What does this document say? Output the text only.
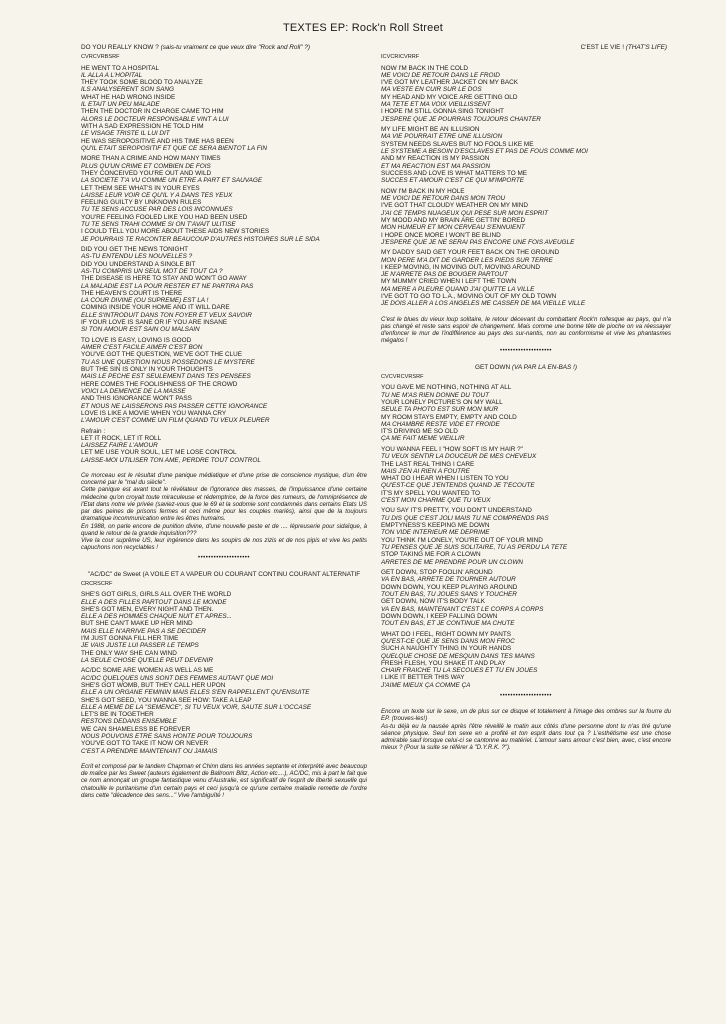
TEXTES EP: Rock'n Roll Street
DO YOU REALLY KNOW ? (sais-tu vraiment ce que veux dire "Rock and Roll" ?)
CVRCVRBSRF
HE WENT TO A HOSPITAL
IL ALLA A L'HOPITAL
THEY TOOK SOME BLOOD TO ANALYZE
ILS ANALYSERENT SON SANG
WHAT HE HAD WRONG INSIDE
IL ETAIT UN PEU MALADE
THEN THE DOCTOR IN CHARGE CAME TO HIM
ALORS LE DOCTEUR RESPONSABLE VINT A LUI
WITH A SAD EXPRESSION HE TOLD HIM
LE VISAGE TRISTE IL LUI DIT
HE WAS SEROPOSITIVE AND HIS TIME HAS BEEN
QU'IL ETAIT SEROPOSITIF ET QUE CE SERA BIENTOT LA FIN
MORE THAN A CRIME AND HOW MANY TIMES
PLUS QU'UN CRIME ET COMBIEN DE FOIS
THEY CONCEIVED YOU'RE OUT AND WILD
LA SOCIETE T'A VU COMME UN ETRE A PART ET SAUVAGE
LET THEM SEE WHAT'S IN YOUR EYES
LAISSE LEUR VOIR CE QU'IL Y A DANS TES YEUX
FEELING GUILTY BY UNKNOWN RULES
TU TE SENS ACCUSE PAR DES LOIS INCONNUES
YOU'RE FEELING FOOLED LIKE YOU HAD BEEN USED
TU TE SENS TRAHI COMME SI ON T'AVAIT ULITISE
I COULD TELL YOU MORE ABOUT THESE AIDS NEW STORIES
JE POURRAIS TE RACONTER BEAUCOUP D'AUTRES HISTOIRES SUR LE SIDA
DID YOU GET THE NEWS TONIGHT
AS-TU ENTENDU LES NOUVELLES ?
DID YOU UNDERSTAND A SINGLE BIT
AS-TU COMPRIS UN SEUL MOT DE TOUT CA ?
THE DISEASE IS HERE TO STAY AND WON'T GO AWAY
LA MALADIE EST LA POUR RESTER ET NE PARTIRA PAS
THE HEAVEN'S COURT IS THERE
LA COUR DIVINE (OU SUPREME) EST LA !
COMING INSIDE YOUR HOME AND IT WILL DARE
ELLE S'INTRODUIT DANS TON FOYER ET VEUX SAVOIR
IF YOUR LOVE IS SANE OR IF YOU ARE INSANE
SI TON AMOUR EST SAIN OU MALSAIN
TO LOVE IS EASY, LOVING IS GOOD
AIMER C'EST FACILE AIMER C'EST BON
YOU'VE GOT THE QUESTION, WE'VE GOT THE CLUE
TU AS UNE QUESTION NOUS POSSEDONS LE MYSTERE
BUT THE SIN IS ONLY IN YOUR THOUGHTS
MAIS LE PECHE EST SEULEMENT DANS TES PENSEES
HERE COMES THE FOOLISHNESS OF THE CROWD
VOICI LA DEMENCE DE LA MASSE
AND THIS IGNORANCE WON'T PASS
ET NOUS NE LAISSERONS PAS PASSER CETTE IGNORANCE
LOVE IS LIKE A MOVIE WHEN YOU WANNA CRY
L'AMOUR C'EST COMME UN FILM QUAND TU VEUX PLEURER
Refrain :
LET IT ROCK, LET IT ROLL
LAISSEZ FAIRE L'AMOUR
LET ME USE YOUR SOUL, LET ME LOSE CONTROL
LAISSE-MOI UTILISER TON AME, PERDRE TOUT CONTROL

Ce morceau est le résultat d'une panique médiatique et d'une prise de conscience mystique, d'un être concerné par le "mal du siècle".

Cette panique est avant tout le révélateur de l'ignorance des masses, de l'impuissance d'une certaine médecine qu'on croyait toute miraculeuse et rédemptrice, de la force des rumeurs, de l'omniprésence de l'Etat dans notre vie privée (saviez-vous que le 69 et la sodomie sont condamnés dans certains Etats US par des peines de prisons fermes et ceci même pour les couples mariés), ainsi que de la toujours dramatique incommunication entre les êtres humains.

En 1988, on parle encore de punition divine, d'une nouvelle peste et de .... lépreuserie pour sidaïque, à quand le retour de la grande inquisition???

Vive la cour suprême US, leur ingérence dans les soupirs de nos zizis et de nos pipis et vive les petits capuchons non recyclables !

••••••••••••••••••••
"AC/DC" de Sweet (A VOILE ET A VAPEUR OU COURANT CONTINU COURANT ALTERNATIF
CRCRSCRF
SHE'S GOT GIRLS, GIRLS ALL OVER THE WORLD
ELLE A DES FILLES PARTOUT DANS LE MONDE
SHE'S GOT MEN, EVERY NIGHT AND THEN.
ELLE A DES HOMMES CHAQUE NUIT ET APRES...
BUT SHE CAN'T MAKE UP HER MIND
MAIS ELLE N'ARRIVE PAS A SE DECIDER
I'M JUST GONNA FILL HER TIME
JE VAIS JUSTE LUI PASSER LE TEMPS
THE ONLY WAY SHE CAN WIND
LA SEULE CHOSE QU'ELLE PEUT DEVENIR
AC/DC SOME ARE WOMEN AS WELL AS ME
AC/DC QUELQUES UNS SONT DES FEMMES AUTANT QUE MOI
SHE'S GOT WOMB, BUT THEY CALL HER UPON
ELLE A UN ORGANE FEMININ MAIS ELLES S'EN RAPPELLENT QU'ENSUITE
SHE'S GOT SEED, YOU WANNA SEE HOW: TAKE A LEAP
ELLE A MEME DE LA "SEMENCE", SI TU VEUX VOIR, SAUTE SUR L'OCCASE
LET'S BE IN TOGETHER
RESTONS DEDANS ENSEMBLE
WE CAN SHAMELESS BE FOREVER
NOUS POUVONS ETRE SANS HONTE POUR TOUJOURS
YOU'VE GOT TO TAKE IT NOW OR NEVER
C'EST A PRENDRE MAINTENANT OU JAMAIS

Ecrit et composé par le tandem Chapman et Chinn dans les années septante et interprété avec beaucoup de malice par les Sweet (auteurs également de Ballroom Blitz, Action etc....), AC/DC, mis à part le fait que ce nom annonçait un groupe fantastique venu d'Australie, est significatif de l'esprit de liberté sexuelle qui chatouille le puritanisme d'un certain pays et ceci jusqu'à ce qu'une certaine maladie remette de l'ordre dans cette "décadence des sens..." Vive l'ambiguïté !

C'EST LE VIE ! (THAT'S LIFE)
ICVCRICVRRF
NOW I'M BACK IN THE COLD
ME VOICI DE RETOUR DANS LE FROID
I'VE GOT MY LEATHER JACKET ON MY BACK
MA VESTE EN CUIR SUR LE DOS
MY HEAD AND MY VOICE ARE GETTING OLD
MA TETE ET MA VOIX VIEILLISSENT
I HOPE I'M STILL GONNA SING TONIGHT
J'ESPERE QUE JE POURRAIS TOUJOURS CHANTER
MY LIFE MIGHT BE AN ILLUSION
MA VIE POURRAIT ETRE UNE ILLUSION
SYSTEM NEEDS SLAVES BUT NO FOOLS LIKE ME
LE SYSTEME A BESOIN D'ESCLAVES ET PAS DE FOUS COMME MOI
AND MY REACTION IS MY PASSION
ET MA REACTION EST MA PASSION
SUCCESS AND LOVE IS WHAT MATTERS TO ME
SUCCES ET AMOUR C'EST CE QUI M'IMPORTE
NOW I'M BACK IN MY HOLE
ME VOICI DE RETOUR DANS MON TROU
I'VE GOT THAT CLOUDY WEATHER ON MY MIND
J'AI CE TEMPS NUAGEUX QUI PESE SUR MON ESPRIT
MY MOOD AND MY BRAIN ARE GETTIN' BORED
MON HUMEUR ET MON CERVEAU S'ENNUIENT
I HOPE ONCE MORE I WON'T BE BLIND
J'ESPERE QUE JE NE SERAI PAS ENCORE UNE FOIS AVEUGLE
MY DADDY SAID GET YOUR FEET BACK ON THE GROUND
MON PERE M'A DIT DE GARDER LES PIEDS SUR TERRE
I KEEP MOVING, IN MOVING OUT, MOVING AROUND
JE N'ARRETE PAS DE BOUGER PARTOUT
MY MUMMY CRIED WHEN I LEFT THE TOWN
MA MERE A PLEURE QUAND J'AI QUITTE LA VILLE
I'VE GOT TO GO TO L.A., MOVING OUT OF MY OLD TOWN
JE DOIS ALLER A LOS ANGELES ME CASSER DE MA VIEILLE VILLE

C'est le blues du vieux loup solitaire, le retour décevant du combattant Rock'n rollesque au pays, qui n'a pas changé et reste sans espoir de changement. Mais comme une bonne tête de pioche on va réessayer d'enfoncer le mur de l'indifférence au pays des sur-nantis, non au conformisme et vive les phantasmes mégalos !

••••••••••••••••••••
GET DOWN (VA PAR LA EN-BAS !)
CVCVRCVRSRF
YOU GAVE ME NOTHING, NOTHING AT ALL
TU NE M'AS RIEN DONNE DU TOUT
YOUR LONELY PICTURE'S ON MY WALL
SEULE TA PHOTO EST SUR MON MUR
MY ROOM STAYS EMPTY, EMPTY AND COLD
MA CHAMBRE RESTE VIDE ET FROIDE
IT'S DRIVING ME SO OLD
ÇA ME FAIT MEME VIEILLIR
YOU WANNA FEEL I "HOW SOFT IS MY HAIR ?"
TU VEUX SENTIR LA DOUCEUR DE MES CHEVEUX
THE LAST REAL THING I CARE
MAIS J'EN AI RIEN A FOUTRE
WHAT DO I HEAR WHEN I LISTEN TO YOU
QU'EST-CE QUE J'ENTENDS QUAND JE T'ECOUTE
IT'S MY SPELL YOU WANTED TO
C'EST MON CHARME QUE TU VEUX
YOU SAY IT'S PRETTY, YOU DON'T UNDERSTAND
TU DIS QUE C'EST JOLI MAIS TU NE COMPRENDS PAS
EMPTYNESS'S KEEPING ME DOWN
TON VIDE INTERIEUR ME DEPRIME
YOU THINK I'M LONELY, YOU'RE OUT OF YOUR MIND
TU PENSES QUE JE SUIS SOLITAIRE, TU AS PERDU LA TETE
STOP TAKING ME FOR A CLOWN
ARRETES DE ME PRENDRE POUR UN CLOWN
GET DOWN, STOP FOOLIN' AROUND
VA EN BAS, ARRETE DE TOURNER AUTOUR
DOWN DOWN, YOU KEEP PLAYING AROUND
TOUT EN BAS, TU JOUES SANS Y TOUCHER
GET DOWN, NOW IT'S BODY TALK
VA EN BAS, MAINTENANT C'EST LE CORPS A CORPS
DOWN DOWN, I KEEP FALLING DOWN
TOUT EN BAS, ET JE CONTINUE MA CHUTE
WHAT DO I FEEL, RIGHT DOWN MY PANTS
QU'EST-CE QUE JE SENS DANS MON FROC
SUCH A NAUGHTY THING IN YOUR HANDS
QUELQUE CHOSE DE MESQUIN DANS TES MAINS
FRESH FLESH, YOU SHAKE IT AND PLAY
CHAIR FRAICHE TU LA SECOUES ET TU EN JOUES
I LIKE IT BETTER THIS WAY
J'AIME MIEUX ÇA COMME ÇA
••••••••••••••••••••

Encore un texte sur le sexe, un de plus sur ce disque et totalement à l'image des ombres sur la fourre du EP. (trouves-les!)

As-tu déjà eu la nausée après l'être réveillé le matin aux côtés d'une personne dont tu n'as tiré qu'une séance physique. Seul ton sexe en a profité et ton esprit dans tout ça ? L'esthétisme est une chose admirable sauf lorsque celui-ci se cantonne au matériel. L'amour sans amour c'est bien, avec, c'est encore mieux ? (Pour la suite se référer à "D.Y.R.K. ?").
